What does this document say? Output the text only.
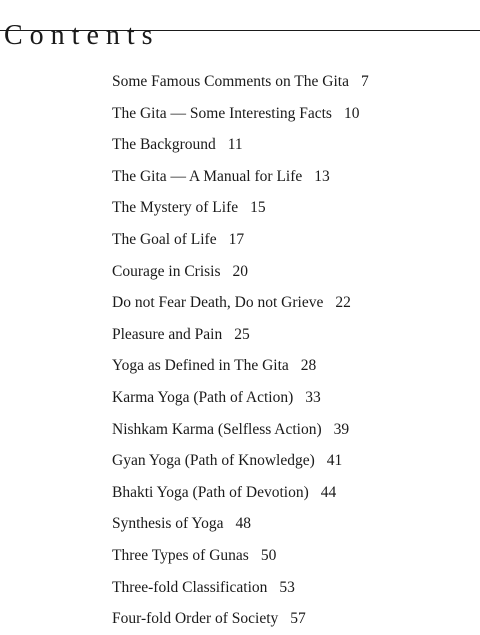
Contents
Some Famous Comments on The Gita 7
The Gita — Some Interesting Facts 10
The Background 11
The Gita — A Manual for Life 13
The Mystery of Life 15
The Goal of Life 17
Courage in Crisis 20
Do not Fear Death, Do not Grieve 22
Pleasure and Pain 25
Yoga as Defined in The Gita 28
Karma Yoga (Path of Action) 33
Nishkam Karma (Selfless Action) 39
Gyan Yoga (Path of Knowledge) 41
Bhakti Yoga (Path of Devotion) 44
Synthesis of Yoga 48
Three Types of Gunas 50
Three-fold Classification 53
Four-fold Order of Society 57
